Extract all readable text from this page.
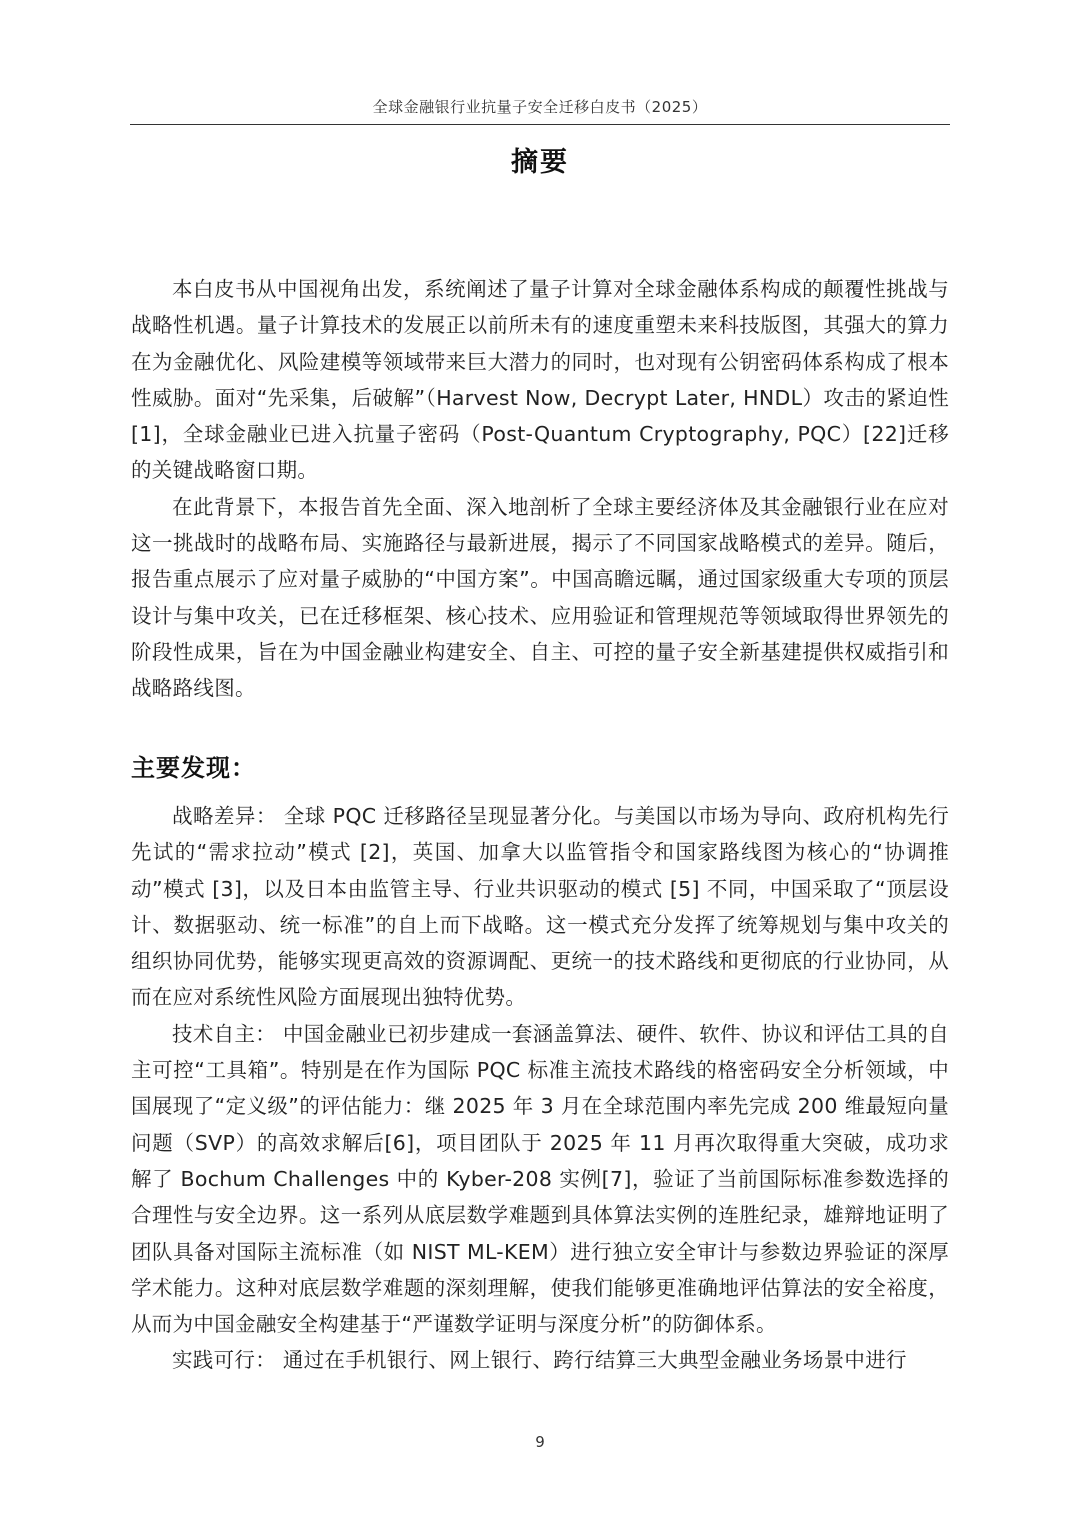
全球金融银行业抗量子安全迁移白皮书（2025）
摘要

本白皮书从中国视角出发，系统阐述了量子计算对全球金融体系构成的颠覆性挑战与战略性机遇。量子计算技术的发展正以前所未有的速度重塑未来科技版图，其强大的算力在为金融优化、风险建模等领域带来巨大潜力的同时，也对现有公钥密码体系构成了根本性威胁。面对“先采集，后破解”（Harvest Now, Decrypt Later, HNDL）攻击的紧迫性[1]，全球金融业已进入抗量子密码（Post-Quantum Cryptography, PQC）[22]迁移的关键战略窗口期。

在此背景下，本报告首先全面、深入地剖析了全球主要经济体及其金融银行业在应对这一挑战时的战略布局、实施路径与最新进展，揭示了不同国家战略模式的差异。随后，报告重点展示了应对量子威胁的“中国方案”。中国高瞻远瞩，通过国家级重大专项的顶层设计与集中攻关，已在迁移框架、核心技术、应用验证和管理规范等领域取得世界领先的阶段性成果，旨在为中国金融业构建安全、自主、可控的量子安全新基建提供权威指引和战略路线图。

主要发现：

战略差异： 全球 PQC 迁移路径呈现显著分化。与美国以市场为导向、政府机构先行先试的“需求拉动”模式 [2]，英国、加拿大以监管指令和国家路线图为核心的“协调推动”模式 [3]，以及日本由监管主导、行业共识驱动的模式 [5] 不同，中国采取了“顶层设计、数据驱动、统一标准”的自上而下战略。这一模式充分发挥了统筹规划与集中攻关的组织协同优势，能够实现更高效的资源调配、更统一的技术路线和更彻底的行业协同，从而在应对系统性风险方面展现出独特优势。

技术自主： 中国金融业已初步建成一套涵盖算法、硬件、软件、协议和评估工具的自主可控“工具箱”。特别是在作为国际 PQC 标准主流技术路线的格密码安全分析领域，中国展现了“定义级”的评估能力：继 2025 年 3 月在全球范围内率先完成 200 维最短向量问题（SVP）的高效求解后[6]，项目团队于 2025 年 11 月再次取得重大突破，成功求解了 Bochum Challenges 中的 Kyber-208 实例[7]，验证了当前国际标准参数选择的合理性与安全边界。这一系列从底层数学难题到具体算法实例的连胜纪录，雄辩地证明了团队具备对国际主流标准（如 NIST ML-KEM）进行独立安全审计与参数边界验证的深厚学术能力。这种对底层数学难题的深刻理解，使我们能够更准确地评估算法的安全裕度，从而为中国金融安全构建基于“严谨数学证明与深度分析”的防御体系。

实践可行： 通过在手机银行、网上银行、跨行结算三大典型金融业务场景中进行

9
